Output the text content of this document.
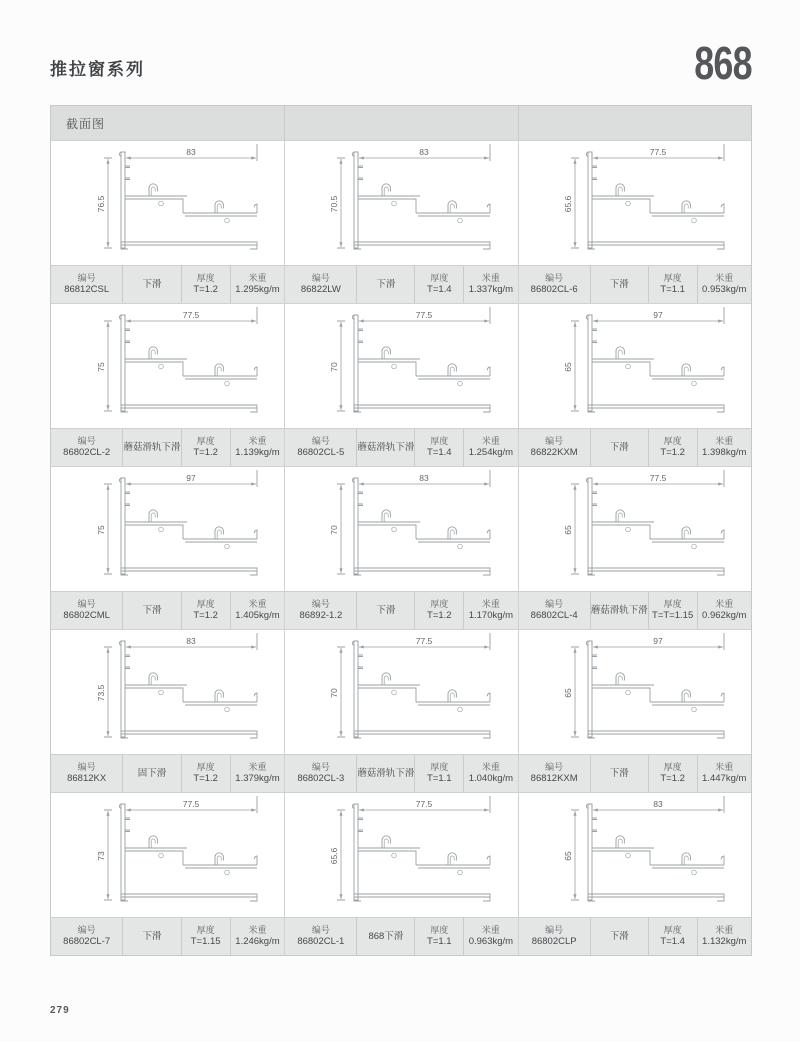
推拉窗系列	868
截面图
83
76.5
编号
86812CSL
下滑
厚度
T=1.2
米重
1.295kg/m
83
70.5
编号
86822LW
下滑
厚度
T=1.4
米重
1.337kg/m
77.5
65.6
编号
86802CL-6
下滑
厚度
T=1.1
米重
0.953kg/m
77.5
75
编号
86802CL-2
蘑菇滑轨下滑
厚度
T=1.2
米重
1.139kg/m
77.5
70
编号
86802CL-5
蘑菇滑轨下滑
厚度
T=1.4
米重
1.254kg/m
97
65
编号
86822KXM
下滑
厚度
T=1.2
米重
1.398kg/m
97
75
编号
86802CML
下滑
厚度
T=1.2
米重
1.405kg/m
83
70
编号
86892-1.2
下滑
厚度
T=1.2
米重
1.170kg/m
77.5
65
编号
86802CL-4
蘑菇滑轨下滑
厚度
T=T=1.15
米重
0.962kg/m
83
73.5
编号
86812KX
固下滑
厚度
T=1.2
米重
1.379kg/m
77.5
70
编号
86802CL-3
蘑菇滑轨下滑
厚度
T=1.1
米重
1.040kg/m
97
65
编号
86812KXM
下滑
厚度
T=1.2
米重
1.447kg/m
77.5
73
编号
86802CL-7
下滑
厚度
T=1.15
米重
1.246kg/m
77.5
65.6
编号
86802CL-1
868下滑
厚度
T=1.1
米重
0.963kg/m
83
65
编号
86802CLP
下滑
厚度
T=1.4
米重
1.132kg/m
279
